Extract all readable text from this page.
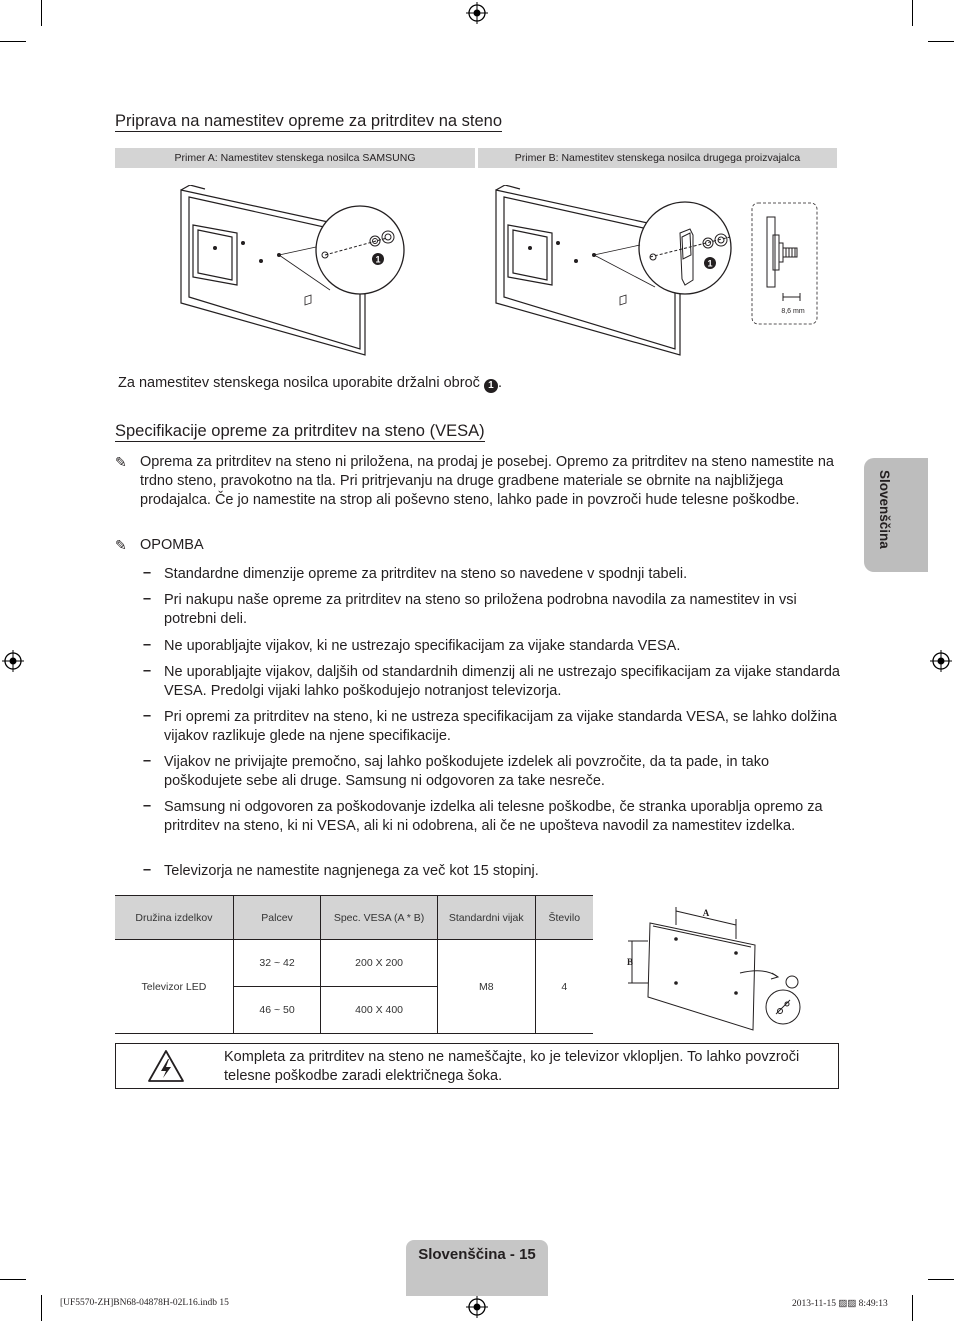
Priprava na namestitev opreme za pritrditev na steno
Primer A: Namestitev stenskega nosilca SAMSUNG	Primer B: Namestitev stenskega nosilca drugega proizvajalca
1	1
8,6 mm
Za namestitev stenskega nosilca uporabite držalni obroč 1 .
Specifikacije opreme za pritrditev na steno (VESA)
✎ Oprema za pritrditev na steno ni priložena, na prodaj je posebej. Opremo za pritrditev na steno namestite na trdno steno, pravokotno na tla. Pri pritrjevanju na druge gradbene materiale se obrnite na najbližjega prodajalca. Če jo namestite na strop ali poševno steno, lahko pade in povzroči hude telesne poškodbe.
✎ OPOMBA
– Standardne dimenzije opreme za pritrditev na steno so navedene v spodnji tabeli.
– Pri nakupu naše opreme za pritrditev na steno so priložena podrobna navodila za namestitev in vsi potrebni deli.
– Ne uporabljajte vijakov, ki ne ustrezajo specifikacijam za vijake standarda VESA.
– Ne uporabljajte vijakov, daljših od standardnih dimenzij ali ne ustrezajo specifikacijam za vijake standarda VESA. Predolgi vijaki lahko poškodujejo notranjost televizorja.
– Pri opremi za pritrditev na steno, ki ne ustreza specifikacijam za vijake standarda VESA, se lahko dolžina vijakov razlikuje glede na njene specifikacije.
– Vijakov ne privijajte premočno, saj lahko poškodujete izdelek ali povzročite, da ta pade, in tako poškodujete sebe ali druge. Samsung ni odgovoren za take nesreče.
– Samsung ni odgovoren za poškodovanje izdelka ali telesne poškodbe, če stranka uporablja opremo za pritrditev na steno, ki ni VESA, ali ki ni odobrena, ali če ne upošteva navodil za namestitev izdelka.
– Televizorja ne namestite nagnjenega za več kot 15 stopinj.
Družina izdelkov	Palcev	Spec. VESA (A * B)	Standardni vijak	Število
Televizor LED	32 ~ 42	200 X 200	M8	4
	46 ~ 50	400 X 400		
A
B
Kompleta za pritrditev na steno ne nameščajte, ko je televizor vklopljen. To lahko povzroči telesne poškodbe zaradi električnega šoka.
Slovenščina
Slovenščina - 15
[UF5570-ZH]BN68-04878H-02L16.indb 15	2013-11-15 ▨▨ 8:49:13
